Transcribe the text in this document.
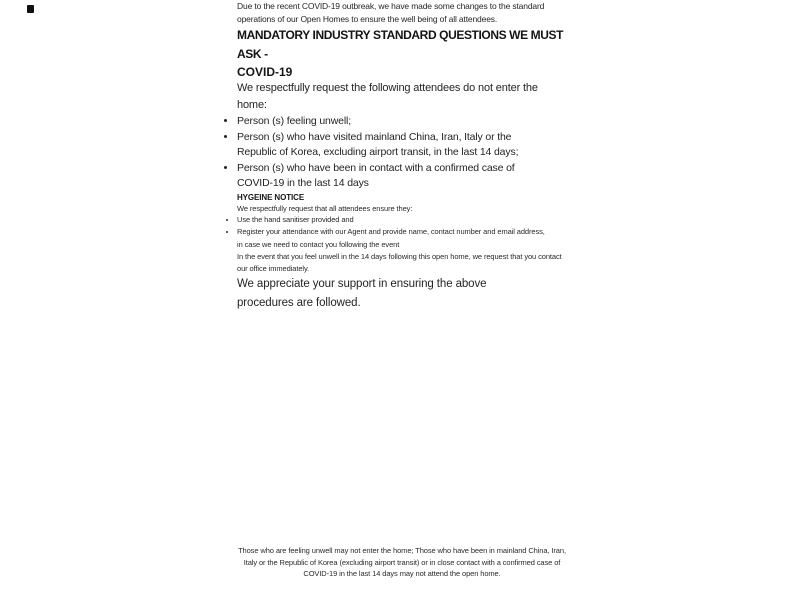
Due to the recent COVID-19 outbreak, we have made some changes to the standard operations of our Open Homes to ensure the well being of all attendees.

MANDATORY INDUSTRY STANDARD QUESTIONS WE MUST ASK -
COVID-19

We respectfully request the following attendees do not enter the home:

• Person (s) feeling unwell;
• Person (s) who have visited mainland China, Iran, Italy or the Republic of Korea, excluding airport transit, in the last 14 days;
• Person (s) who have been in contact with a confirmed case of COVID-19 in the last 14 days
HYGEINE NOTICE

We respectfully request that all attendees ensure they:

• Use the hand sanitiser provided and
• Register your attendance with our Agent and provide name, contact number and email address, in case we need to contact you following the event

In the event that you feel unwell in the 14 days following this open home, we request that you contact our office immediately.

We appreciate your support in ensuring the above procedures are followed.

Those who are feeling unwell may not enter the home; Those who have been in mainland China, Iran, Italy or the Republic of Korea (excluding airport transit) or in close contact with a confirmed case of COVID-19 in the last 14 days may not attend the open home.
